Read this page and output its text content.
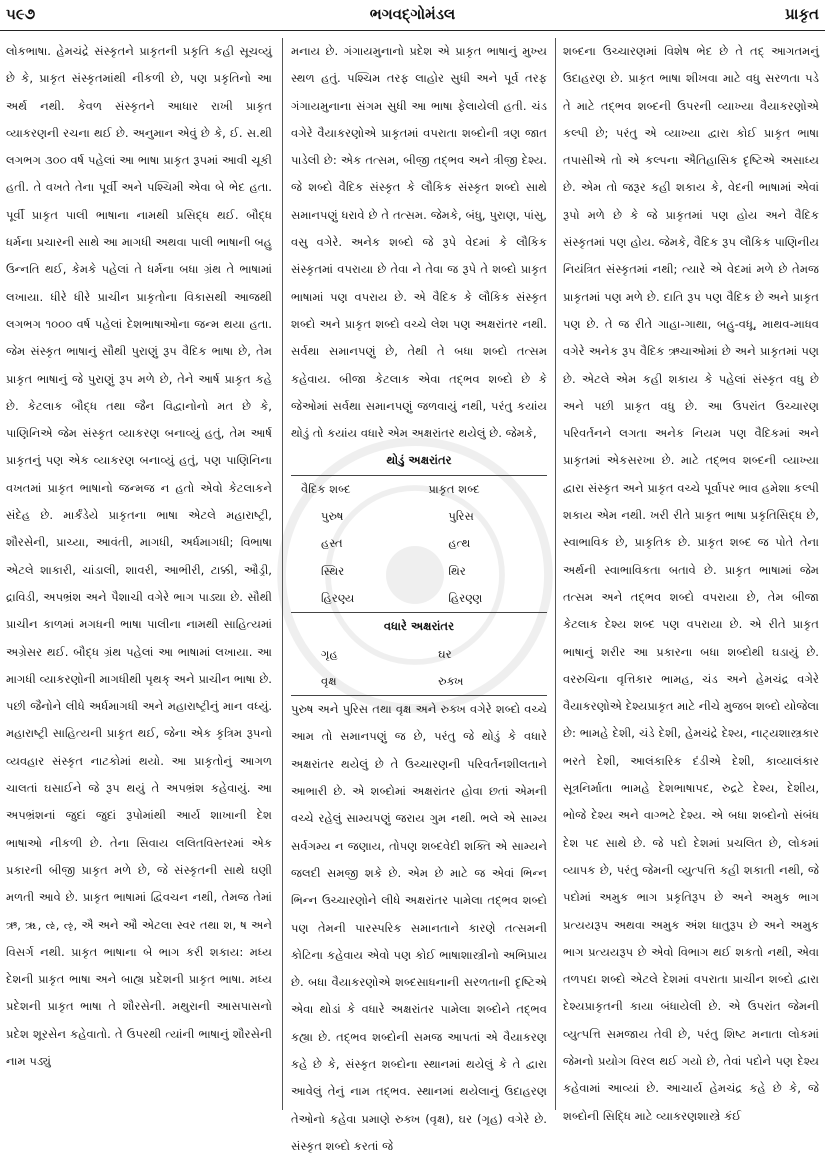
૫૯૭	ભગવદ્ગોમંડલ	પ્રાકૃત

લોકભાષા. હેમચંદ્રે સંસ્કૃતને પ્રાકૃતની પ્રકૃતિ કહી સૂચવ્યું છે કે, પ્રાકૃત સંસ્કૃતમાંથી નીકળી છે, પણ પ્રકૃતિનો આ અર્થ નથી. કેવળ સંસ્કૃતને આધાર રાખી પ્રાકૃત વ્યાકરણની રચના થઈ છે. અનુમાન એવું છે કે, ઈ. સ.થી લગભગ ૩૦૦ વર્ષ પહેલાં આ ભાષા પ્રાકૃત રૂપમાં આવી ચૂકી હતી. તે વખતે તેના પૂર્વી અને પશ્ચિમી એવા બે ભેદ હતા. પૂર્વી પ્રાકૃત પાલી ભાષાના નામથી પ્રસિદ્ધ થઈ. બૌદ્ધ ધર્મના પ્રચારની સાથે આ માગધી અથવા પાલી ભાષાની બહુ ઉન્નતિ થઈ, કેમકે પહેલાં તે ધર્મના બધા ગ્રંથ તે ભાષામાં લખાયા. ધીરે ધીરે પ્રાચીન પ્રાકૃતોના વિકાસથી આજથી લગભગ ૧૦૦૦ વર્ષ પહેલાં દેશભાષાઓના જન્મ થયા હતા. જેમ સંસ્કૃત ભાષાનું સૌથી પુરાણું રૂપ વૈદિક ભાષા છે, તેમ પ્રાકૃત ભાષાનું જે પુરાણું રૂપ મળે છે, તેને આર્ષ પ્રાકૃત કહે છે. કેટલાક બૌદ્ધ તથા જૈન વિદ્વાનોનો મત છે કે, પાણિનિએ જેમ સંસ્કૃત વ્યાકરણ બનાવ્યું હતું, તેમ આર્ષ પ્રાકૃતનું પણ એક વ્યાકરણ બનાવ્યું હતું, પણ પાણિનિના વખતમાં પ્રાકૃત ભાષાનો જન્મજ ન હતો એવો કેટલાકને સંદેહ છે. માર્કંડેયે પ્રાકૃતના ભાષા એટલે મહારાષ્ટ્રી, શૌરસેની, પ્રાચ્યા, આવંતી, માગધી, અર્ધમાગધી; વિભાષા એટલે શાકારી, ચાંડાલી, શાવરી, આભીરી, ટાક્કી, ઔડ્રી, દ્રાવિડી, અપભ્રંશ અને પૈશાચી વગેરે ભાગ પાડ્યા છે. સૌથી પ્રાચીન કાળમાં મગધની ભાષા પાલીના નામથી સાહિત્યમાં અગ્રેસર થઈ. બૌદ્ધ ગ્રંથ પહેલાં આ ભાષામાં લખાયા. આ માગધી વ્યાકરણોની માગધીથી પૃથક્ અને પ્રાચીન ભાષા છે. પછી જૈનોને લીધે અર્ધમાગધી અને મહારાષ્ટ્રીનું માન વધ્યું. મહારાષ્ટ્રી સાહિત્યની પ્રાકૃત થઈ, જેના એક કૃત્રિમ રૂપનો વ્યવહાર સંસ્કૃત નાટકોમાં થયો. આ પ્રાકૃતોનું આગળ ચાલતાં ઘસાઈને જે રૂપ થયું તે અપભ્રંશ કહેવાયું. આ અપભ્રંશનાં જુદાં જુદાં રૂપોમાંથી આર્ય શાખાની દેશ ભાષાઓ નીકળી છે. તેના સિવાય લલિતવિસ્તરમાં એક પ્રકારની બીજી પ્રાકૃત મળે છે, જે સંસ્કૃતની સાથે ઘણી મળતી આવે છે. પ્રાકૃત ભાષામાં દ્વિવચન નથી, તેમજ તેમાં ઋ, ૠ, ઌ, ૡ, ઐ અને ઔ એટલા સ્વર તથા શ, ષ અને વિસર્ગ નથી. પ્રાકૃત ભાષાના બે ભાગ કરી શકાય: મધ્ય દેશની પ્રાકૃત ભાષા અને બાહ્ય પ્રદેશની પ્રાકૃત ભાષા. મધ્ય પ્રદેશની પ્રાકૃત ભાષા તે શૌરસેની. મથુરાની આસપાસનો પ્રદેશ શૂરસેન કહેવાતો. તે ઉપરથી ત્યાંની ભાષાનું શૌરસેની નામ પડ્યું

મનાય છે. ગંગાયમુનાનો પ્રદેશ એ પ્રાકૃત ભાષાનું મુખ્ય સ્થળ હતું. પશ્ચિમ તરફ લાહોર સુધી અને પૂર્વ તરફ ગંગાયમુનાના સંગમ સુધી આ ભાષા ફેલાયેલી હતી. ચંડ વગેરે વૈયાકરણોએ પ્રાકૃતમાં વપરાતા શબ્દોની ત્રણ જાત પાડેલી છે: એક તત્સમ, બીજી તદ્ભવ અને ત્રીજી દેશ્ય. જે શબ્દો વૈદિક સંસ્કૃત કે લૌકિક સંસ્કૃત શબ્દો સાથે સમાનપણું ધરાવે છે તે તત્સમ. જેમકે, બંધુ, પુરાણ, પાંસુ, વસુ વગેરે. અનેક શબ્દો જે રૂપે વેદમાં કે લૌકિક સંસ્કૃતમાં વપરાયા છે તેવા ને તેવા જ રૂપે તે શબ્દો પ્રાકૃત ભાષામાં પણ વપરાય છે. એ વૈદિક કે લૌકિક સંસ્કૃત શબ્દો અને પ્રાકૃત શબ્દો વચ્ચે લેશ પણ અક્ષરાંતર નથી. સર્વથા સમાનપણું છે, તેથી તે બધા શબ્દો તત્સમ કહેવાય. બીજા કેટલાક એવા તદ્ભવ શબ્દો છે કે જેઓમાં સર્વથા સમાનપણું જળવાયું નથી, પરંતુ કયાંય થોડું તો કયાંય વધારે એમ અક્ષરાંતર થયેલું છે. જેમકે,

થોડું અક્ષરાંતર

વૈદિક શબ્દ	પ્રાકૃત શબ્દ
પુરુષ	પુરિસ
હસ્ત	હત્થ
સ્થિર	થિર
હિરણ્ય	હિરણ્ણ

વધારે અક્ષરાંતર

ગૃહ	ઘર
વૃક્ષ	રુક્ખ

પુરુષ અને પુરિસ તથા વૃક્ષ અને રુક્ખ વગેરે શબ્દો વચ્ચે આમ તો સમાનપણું જ છે, પરંતુ જે થોડું કે વધારે અક્ષરાંતર થયેલું છે તે ઉચ્ચારણની પરિવર્તનશીલતાને આભારી છે. એ શબ્દોમાં અક્ષરાંતર હોવા છતાં એમની વચ્ચે રહેલું સામ્યપણું જરાય ગુમ નથી. ભલે એ સામ્ય સર્વગમ્ય ન જણાય, તોપણ શબ્દવેદી શક્તિ એ સામ્યને જલદી સમજી શકે છે. એમ છે માટે જ એવાં ભિન્ન ભિન્ન ઉચ્ચારણોને લીધે અક્ષરાંતર પામેલા તદ્ભવ શબ્દો પણ તેમની પારસ્પરિક સમાનતાને કારણે તત્સમની કોટિના કહેવાય એવો પણ કોઈ ભાષાશાસ્ત્રીનો અભિપ્રાય છે. બધા વૈયાકરણોએ શબ્દસાધનાની સરળતાની દૃષ્ટિએ એવા થોડાં કે વધારે અક્ષરાંતર પામેલા શબ્દોને તદ્ભવ કહ્યા છે. તદ્ભવ શબ્દોની સમજ આપતાં એ વૈયાકરણ કહે છે કે, સંસ્કૃત શબ્દોના સ્થાનમાં થયેલું કે તે દ્વારા આવેલું તેનું નામ તદ્ભવ. સ્થાનમાં થયેલાનું ઉદાહરણ તેઓનો કહેવા પ્રમાણે રુક્ખ (વૃક્ષ), ઘર (ગૃહ) વગેરે છે. સંસ્કૃત શબ્દો કરતાં જે

શબ્દના ઉચ્ચારણમાં વિશેષ ભેદ છે તે તદ્ આગતમનું ઉદાહરણ છે. પ્રાકૃત ભાષા શીખવા માટે વધુ સરળતા પડે તે માટે તદ્ભવ શબ્દની ઉપરની વ્યાખ્યા વૈયાકરણોએ કલ્પી છે; પરંતુ એ વ્યાખ્યા દ્વારા કોઈ પ્રાકૃત ભાષા તપાસીએ તો એ કલ્પના ઐતિહાસિક દૃષ્ટિએ અસાધ્ય છે. એમ તો જરૂર કહી શકાય કે, વેદની ભાષામાં એવાં રૂપો મળે છે કે જે પ્રાકૃતમાં પણ હોય અને વૈદિક સંસ્કૃતમાં પણ હોય. જેમકે, વૈદિક રૂપ લૌકિક પાણિનીય નિયંત્રિત સંસ્કૃતમાં નથી; ત્યારે એ વેદમાં મળે છે તેમજ પ્રાકૃતમાં પણ મળે છે. દાતિ રૂપ પણ વૈદિક છે અને પ્રાકૃત પણ છે. તે જ રીતે ગાહા-ગાથા, બહુ-વધૂ, માથવ-માધવ વગેરે અનેક રૂપ વૈદિક ઋચાઓમાં છે અને પ્રાકૃતમાં પણ છે. એટલે એમ કહી શકાય કે પહેલાં સંસ્કૃત વધુ છે અને પછી પ્રાકૃત વધુ છે. આ ઉપરાંત ઉચ્ચારણ પરિવર્તનને લગતા અનેક નિયમ પણ વૈદિકમાં અને પ્રાકૃતમાં એકસરખા છે. માટે તદ્ભવ શબ્દની વ્યાખ્યા દ્વારા સંસ્કૃત અને પ્રાકૃત વચ્ચે પૂર્વાપર ભાવ હમેશા કલ્પી શકાય એમ નથી. ખરી રીતે પ્રાકૃત ભાષા પ્રકૃતિસિદ્ધ છે, સ્વાભાવિક છે, પ્રાકૃતિક છે. પ્રાકૃત શબ્દ જ પોતે તેના અર્થની સ્વાભાવિકતા બતાવે છે. પ્રાકૃત ભાષામાં જેમ તત્સમ અને તદ્ભવ શબ્દો વપરાયા છે, તેમ બીજા કેટલાક દેશ્ય શબ્દ પણ વપરાયા છે. એ રીતે પ્રાકૃત ભાષાનું શરીર આ પ્રકારના બધા શબ્દોથી ઘડાયું છે. વરરુચિના વૃત્તિકાર ભામહ, ચંડ અને હેમચંદ્ર વગેરે વૈયાકરણોએ દેશ્યપ્રાકૃત માટે નીચે મુજબ શબ્દો યોજેલા છે: ભામહે દેશી, ચંડે દેશી, હેમચંદ્રે દેશ્ય, નાટ્યશાસ્ત્રકાર ભરતે દેશી, આલંકારિક દંડીએ દેશી, કાવ્યાલંકાર સૂત્રનિર્માતા ભામહે દેશભાષાપદ, રુદ્રટે દેશ્ય, દેશીય, ભોજે દેશ્ય અને વાગ્ભટે દેશ્ય. એ બધા શબ્દોનો સંબંધ દેશ પદ સાથે છે. જે પદો દેશમાં પ્રચલિત છે, લોકમાં વ્યાપક છે, પરંતુ જેમની વ્યુત્પત્તિ કહી શકાતી નથી, જે પદોમાં અમુક ભાગ પ્રકૃતિરૂપ છે અને અમુક ભાગ પ્રત્યયરૂપ અથવા અમુક અંશ ધાતુરૂપ છે અને અમુક ભાગ પ્રત્યયરૂપ છે એવો વિભાગ થઈ શકતો નથી, એવા તળપદા શબ્દો એટલે દેશમાં વપરાતા પ્રાચીન શબ્દો દ્વારા દેશ્યપ્રાકૃતની કાયા બંધાયેલી છે. એ ઉપરાંત જેમની વ્યુત્પત્તિ સમજાય તેવી છે, પરંતુ શિષ્ટ મનાતા લોકમાં જેમનો પ્રયોગ વિરલ થઈ ગયો છે, તેવાં પદોને પણ દેશ્ય કહેવામાં આવ્યાં છે. આચાર્ય હેમચંદ્ર કહે છે કે, જે શબ્દોની સિદ્ધિ માટે વ્યાકરણશાસ્ત્રે કંઈ
